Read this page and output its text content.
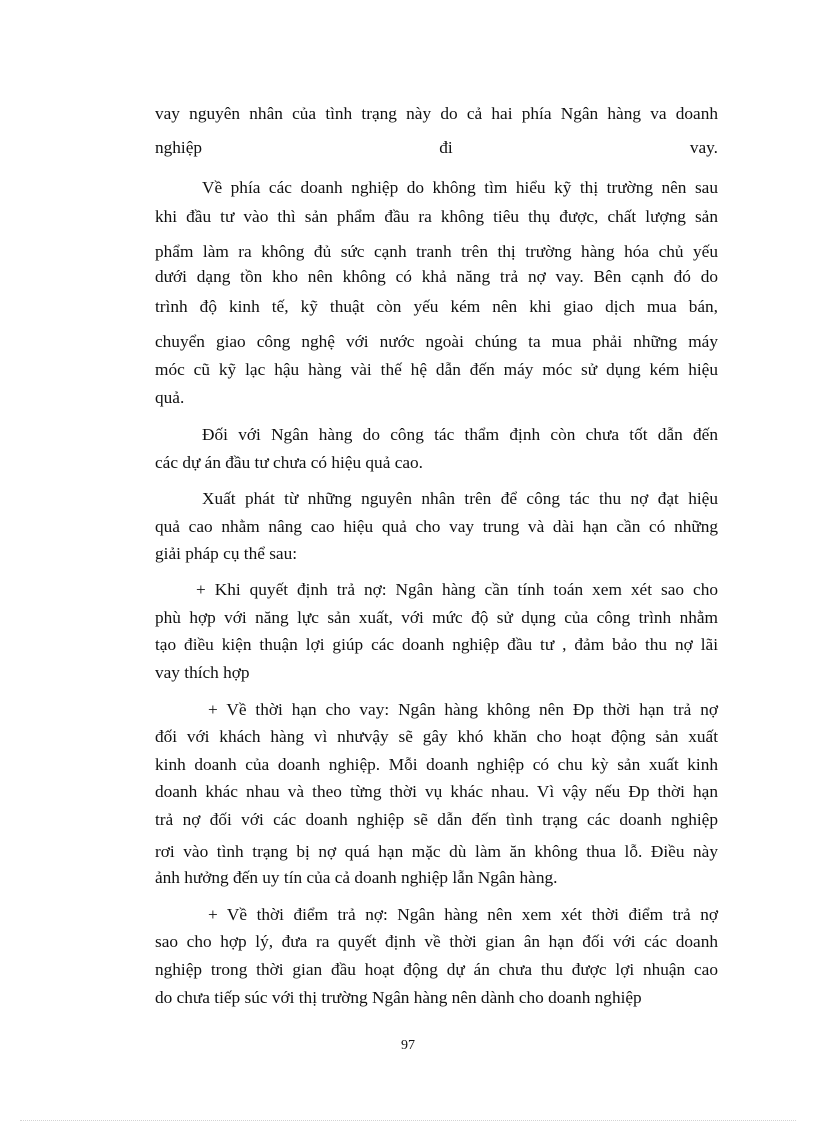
vay nguyên nhân của tình trạng này do cả hai phía Ngân hàng va doanh
nghiệp đi vay.
Về phía các doanh nghiệp do không tìm hiểu kỹ thị trường nên sau
khi đầu tư vào thì sản phẩm đầu ra không tiêu thụ được, chất lượng sản
phẩm làm ra không đủ sức cạnh tranh trên thị trường hàng hóa chủ yếu
dưới dạng tồn kho nên không có khả năng trả nợ vay. Bên cạnh đó do
trình độ kinh tế, kỹ thuật còn yếu kém nên khi giao dịch mua bán,
chuyển giao công nghệ với nước ngoài chúng ta mua phải những máy
móc cũ kỹ lạc hậu hàng vài thế hệ dẫn đến máy móc sử dụng kém hiệu
quả.
Đối với Ngân hàng do công tác thẩm định còn chưa tốt dẫn đến
các dự án đầu tư chưa có hiệu quả cao.
Xuất phát từ những nguyên nhân trên để công tác thu nợ đạt hiệu
quả cao nhằm nâng cao hiệu quả cho vay trung và dài hạn cần có những
giải pháp cụ thể sau:
+ Khi quyết định trả nợ: Ngân hàng cần tính toán xem xét sao cho
phù hợp với năng lực sản xuất, với mức độ sử dụng của công trình nhằm
tạo điều kiện thuận lợi giúp các doanh nghiệp đầu tư , đảm bảo thu nợ lãi
vay thích hợp
+ Về thời hạn cho vay: Ngân hàng không nên Đp thời hạn trả nợ
đối với khách hàng vì nhưvậy sẽ gây khó khăn cho hoạt động sản xuất
kinh doanh của doanh nghiệp. Mỗi doanh nghiệp có chu kỳ sản xuất kinh
doanh khác nhau và theo từng thời vụ khác nhau. Vì vậy nếu Đp thời hạn
trả nợ đối với các doanh nghiệp sẽ dẫn đến tình trạng các doanh nghiệp
rơi vào tình trạng bị nợ quá hạn mặc dù làm ăn không thua lỗ. Điều này
ảnh hưởng đến uy tín của cả doanh nghiệp lẫn Ngân hàng.
+ Về thời điểm trả nợ: Ngân hàng nên xem xét thời điểm trả nợ
sao cho hợp lý, đưa ra quyết định về thời gian ân hạn đối với các doanh
nghiệp trong thời gian đầu hoạt động dự án chưa thu được lợi nhuận cao
do chưa tiếp súc với thị trường Ngân hàng nên dành cho doanh nghiệp
97
